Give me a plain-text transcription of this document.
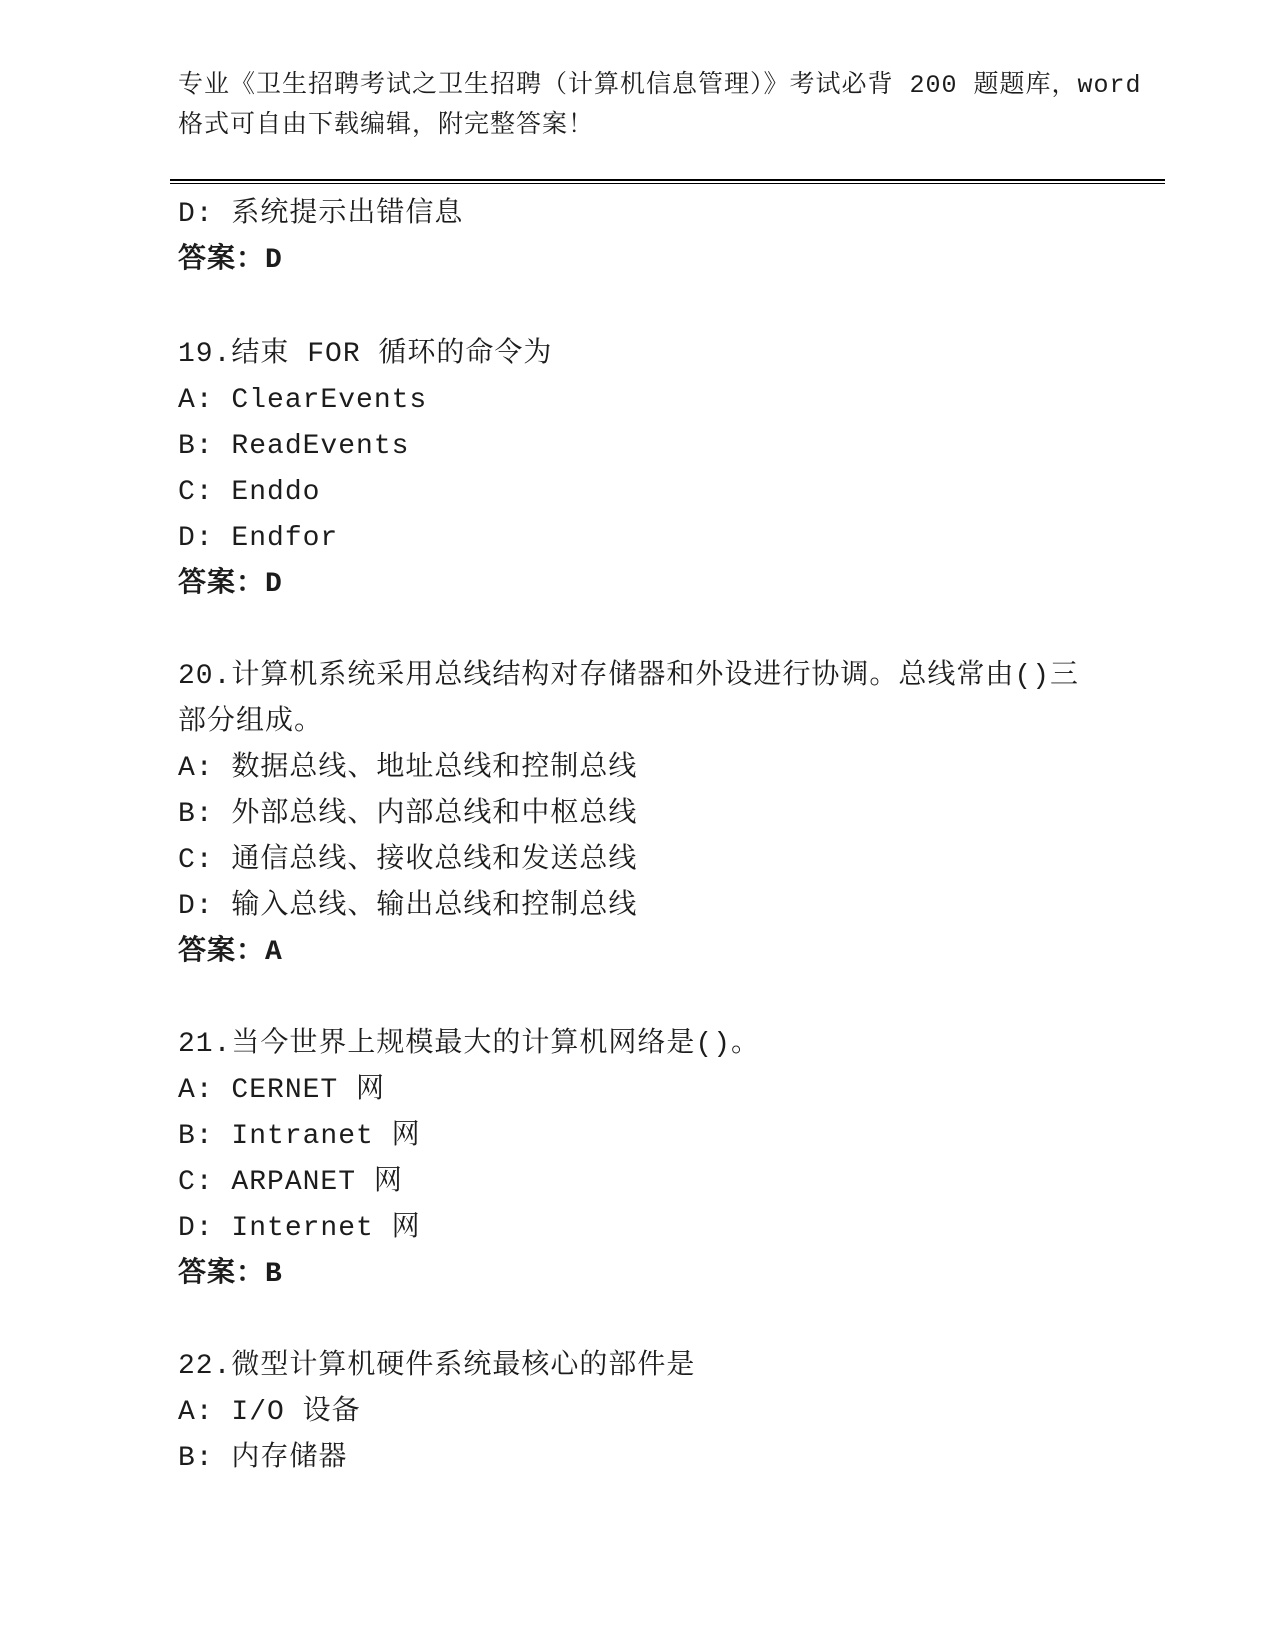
专业《卫生招聘考试之卫生招聘（计算机信息管理）》考试必背 200 题题库，word
格式可自由下载编辑，附完整答案！
D: 系统提示出错信息
答案：D
19.结束 FOR 循环的命令为
A: ClearEvents
B: ReadEvents
C: Enddo
D: Endfor
答案：D
20.计算机系统采用总线结构对存储器和外设进行协调。总线常由()三
部分组成。
A: 数据总线、地址总线和控制总线
B: 外部总线、内部总线和中枢总线
C: 通信总线、接收总线和发送总线
D: 输入总线、输出总线和控制总线
答案：A
21.当今世界上规模最大的计算机网络是()。
A: CERNET 网
B: Intranet 网
C: ARPANET 网
D: Internet 网
答案：B
22.微型计算机硬件系统最核心的部件是
A: I/O 设备
B: 内存储器
